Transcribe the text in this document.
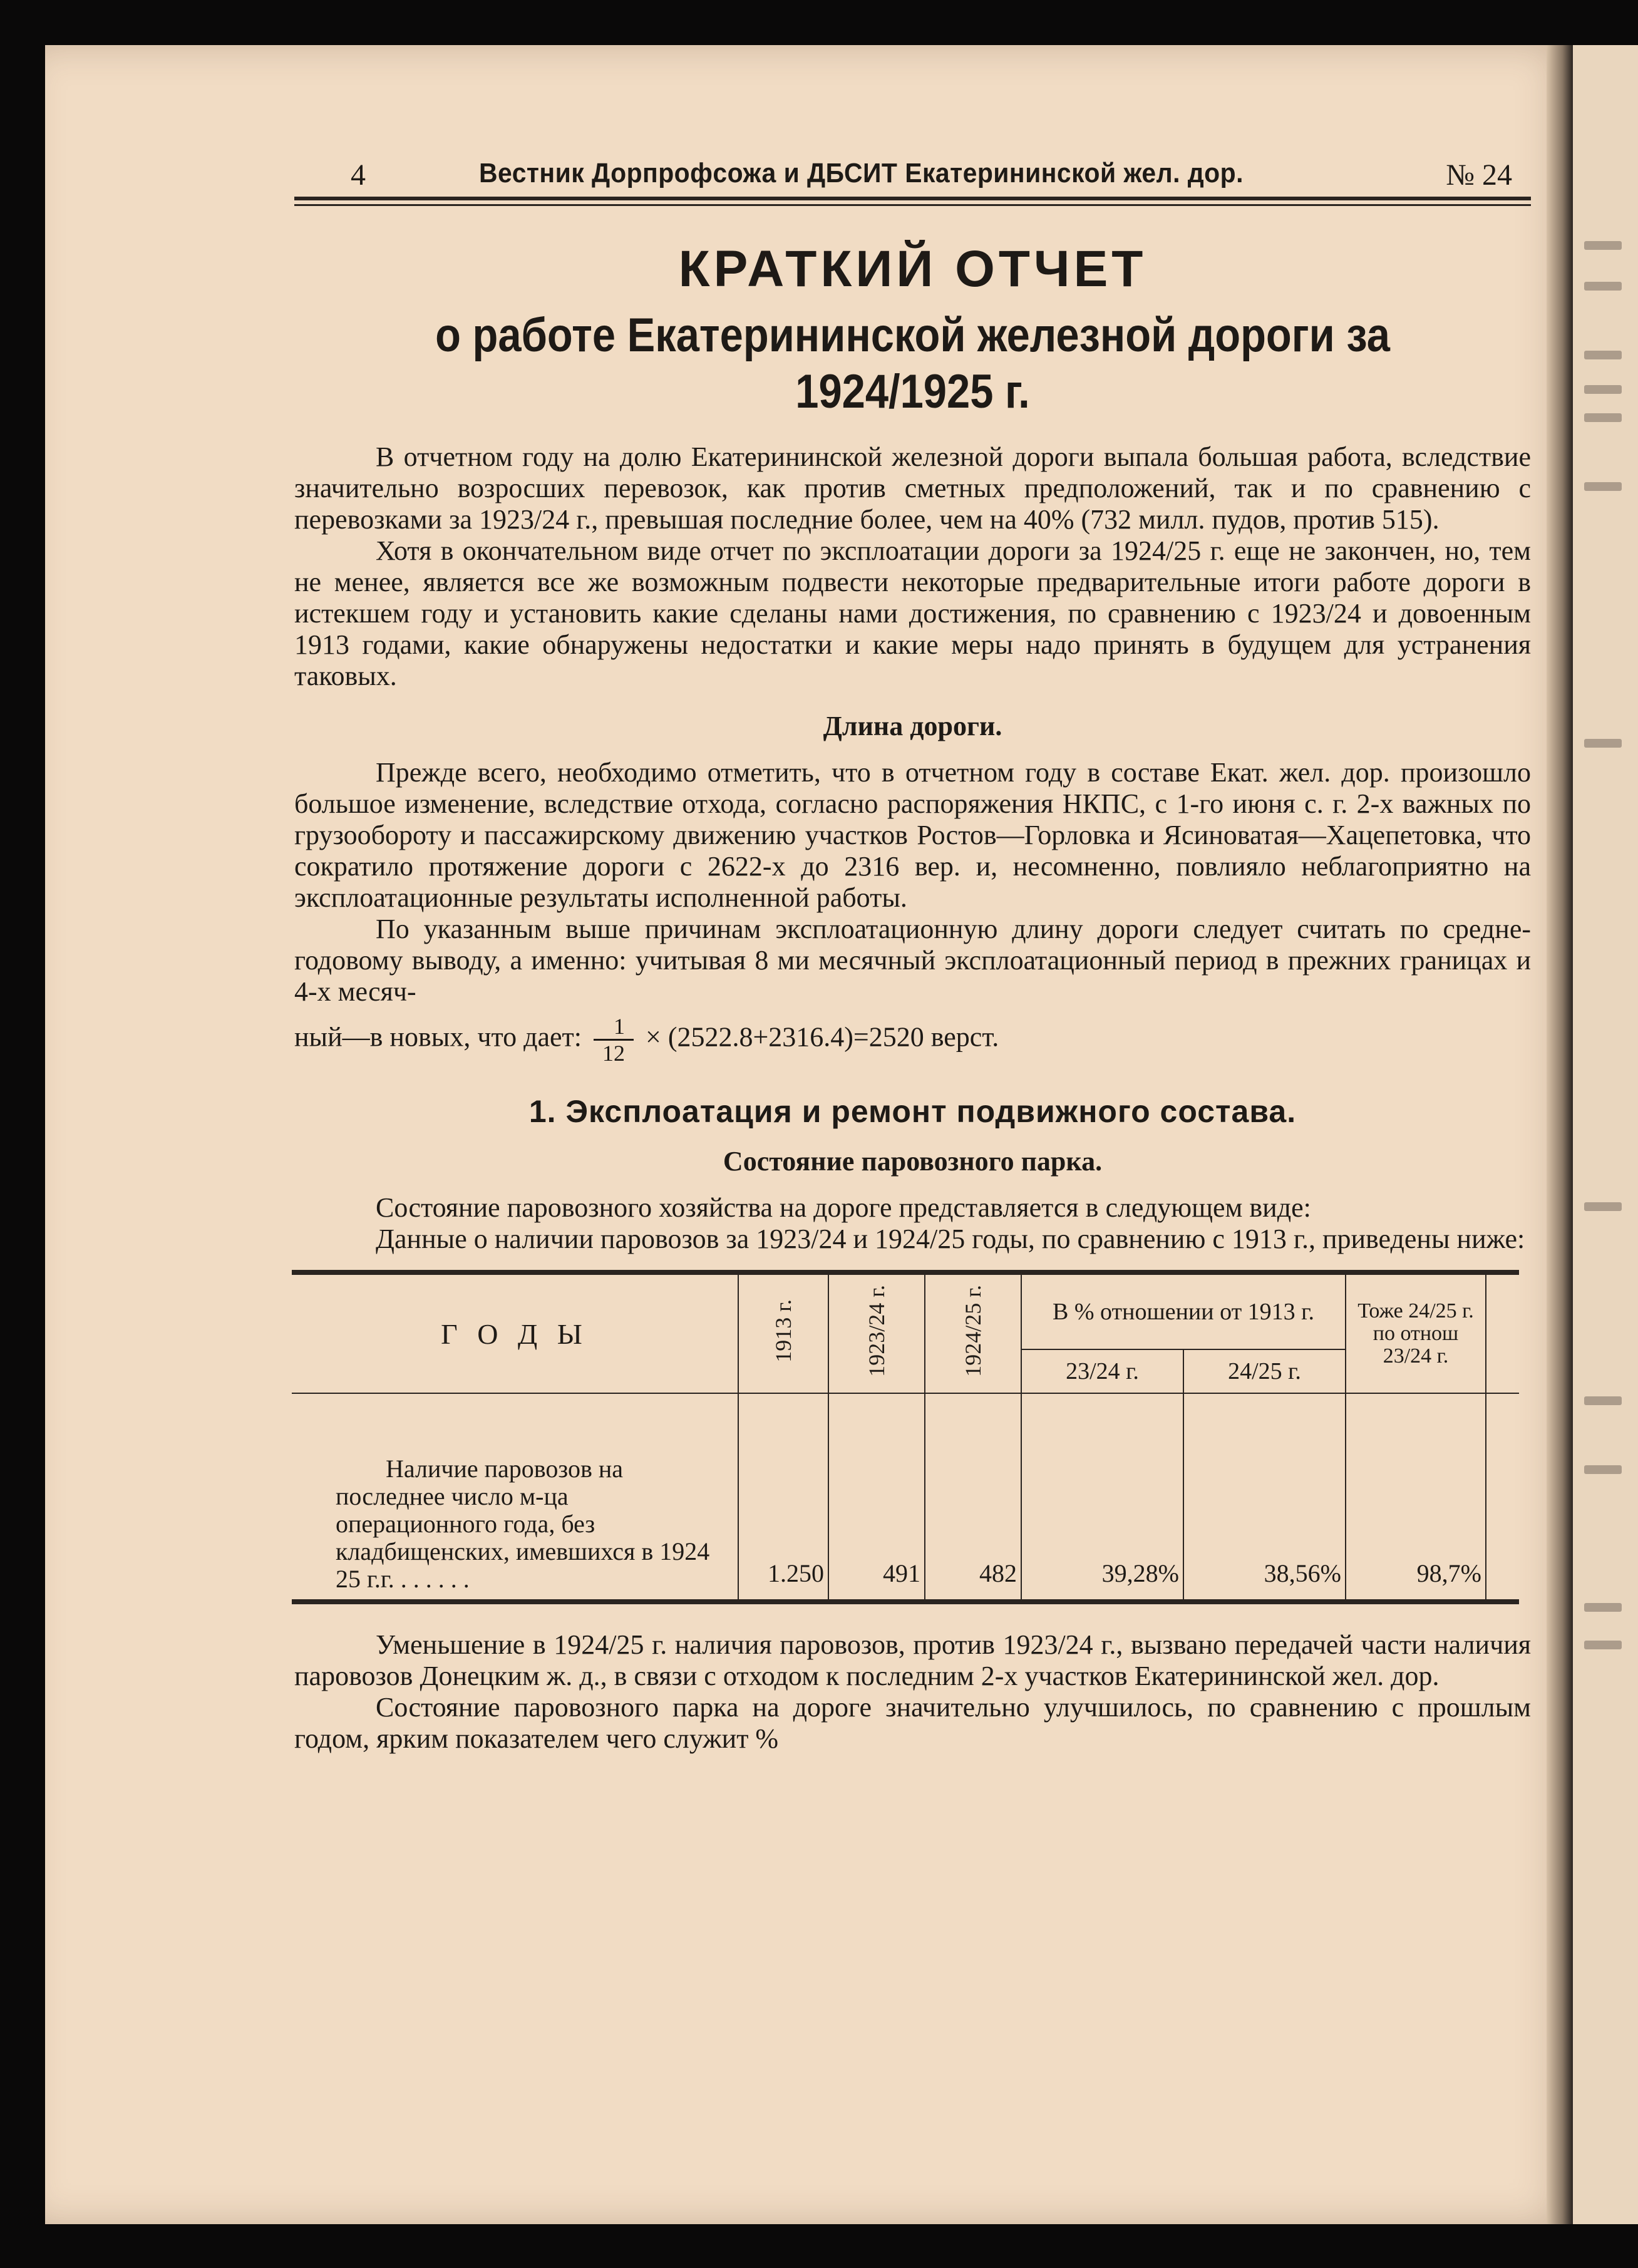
4	Вестник Дорпрофсожа и ДБСИТ Екатерининской жел. дор.	№ 24
КРАТКИЙ ОТЧЕТ
о работе Екатерининской железной дороги за 1924/1925 г.

В отчетном году на долю Екатерининской железной дороги выпала большая работа, вследствие значительно возросших перевозок, как против сметных предположений, так и по сравнению с перевозками за 1923/24 г., превышая последние более, чем на 40% (732 милл. пудов, против 515).

Хотя в окончательном виде отчет по эксплоатации дороги за 1924/25 г. еще не закончен, но, тем не менее, является все же возможным подвести некоторые предварительные итоги работе дороги в истекшем году и установить какие сделаны нами достижения, по сравнению с 1923/24 и довоенным 1913 годами, какие обнаружены недостатки и какие меры надо принять в будущем для устранения таковых.

Длина дороги.

Прежде всего, необходимо отметить, что в отчетном году в составе Екат. жел. дор. произошло большое изменение, вследствие отхода, согласно распоряжения НКПС, с 1-го июня с. г. 2-х важных по грузообороту и пассажирскому движению участков Ростов—Горловка и Ясиноватая—Хацепетовка, что сократило протяжение дороги с 2622-х до 2316 вер. и, несомненно, повлияло неблагоприятно на эксплоатационные результаты исполненной работы.

По указанным выше причинам эксплоатационную длину дороги следует считать по средне-годовому выводу, а именно: учитывая 8 ми месячный эксплоатационный период в прежних границах и 4-х месяч-

ный—в новых, что дает: $\frac{1}{12} \times (2522.8+2316.4)=2520$ верст.
1. Эксплоатация и ремонт подвижного состава.
Состояние паровозного парка.

Состояние паровозного хозяйства на дороге представляется в следующем виде:

Данные о наличии паровозов за 1923/24 и 1924/25 годы, по сравнению с 1913 г., приведены ниже:

Г О Д Ы	1913 г.	1923/24 г.	1924/25 г.	В % отношении от 1913 г.		Тоже 24/25 г. по отнош 23/24 г.	
				23/24 г.	24/25 г.		
Наличие паровозов на последнее число м-ца операционного года, без кладбищенских, имевшихся в 1924 25 г.г. . . . . . .	1.250	491	482	39,28%	38,56%	98,7%	

Уменьшение в 1924/25 г. наличия паровозов, против 1923/24 г., вызвано передачей части наличия паровозов Донецким ж. д., в связи с отходом к последним 2-х участков Екатерининской жел. дор.

Состояние паровозного парка на дороге значительно улучшилось, по сравнению с прошлым годом, ярким показателем чего служит %
